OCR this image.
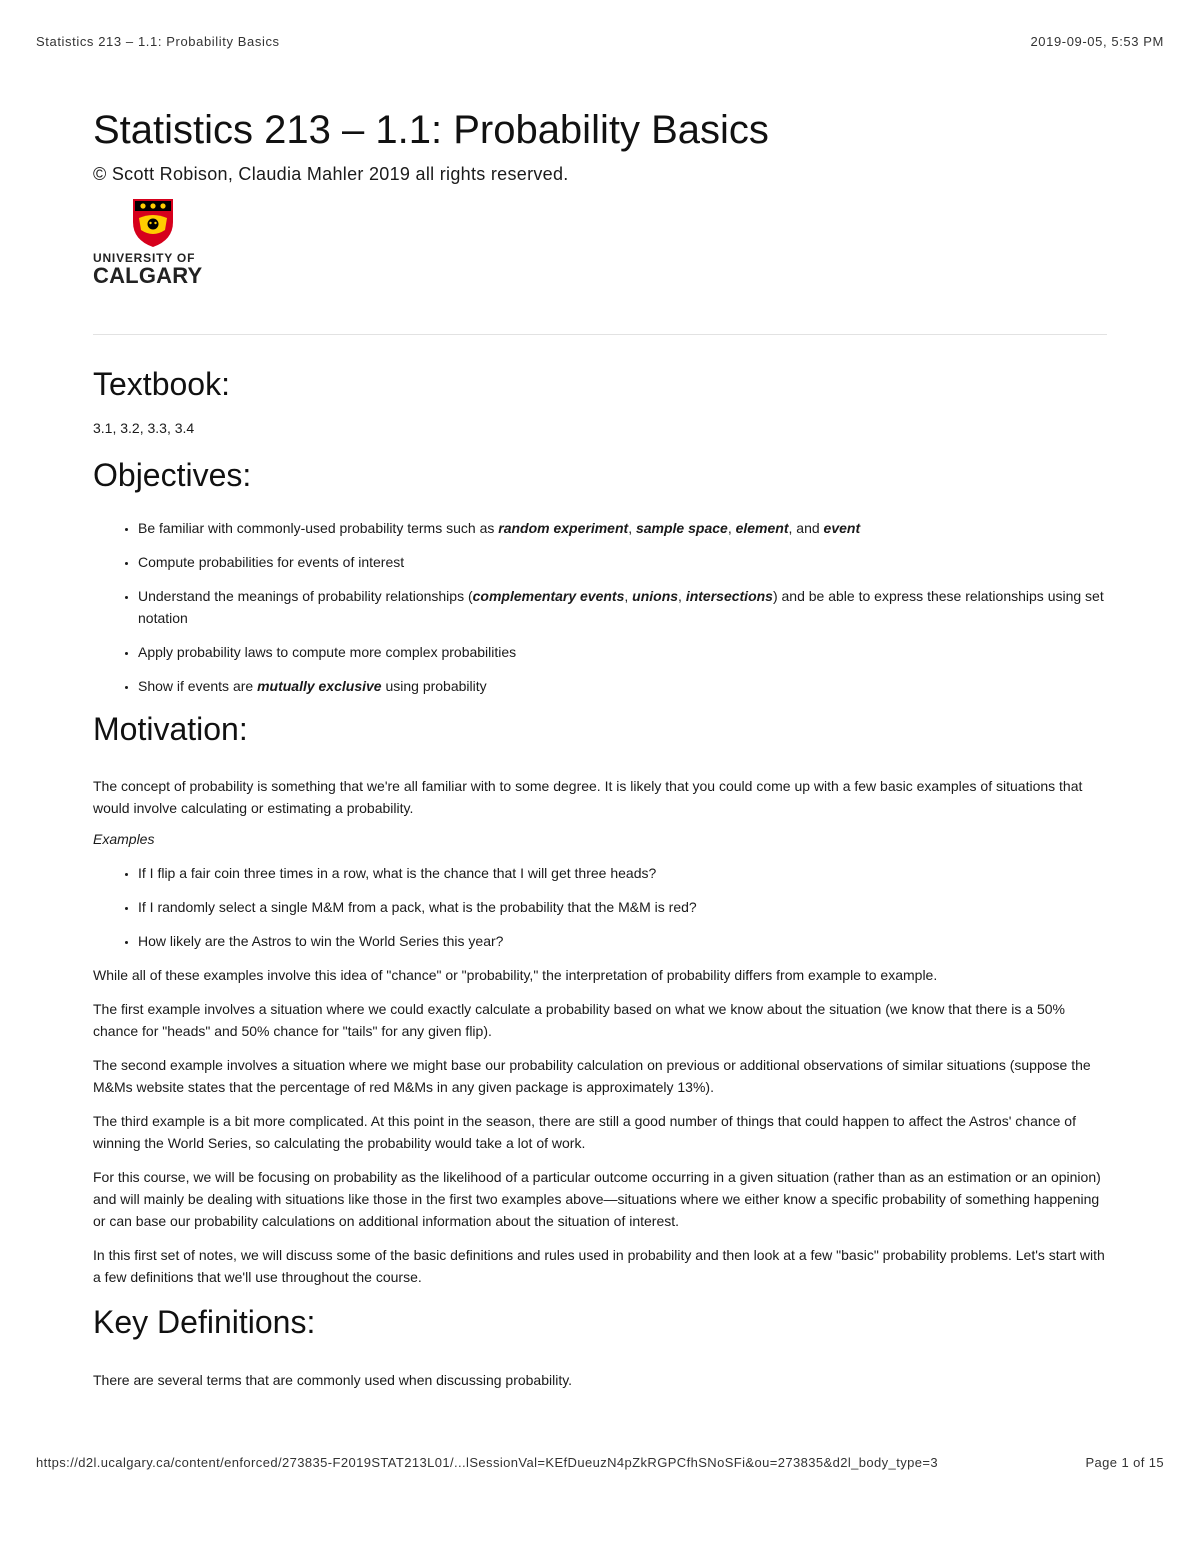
Statistics 213 – 1.1: Probability Basics	2019-09-05, 5:53 PM
Statistics 213 – 1.1: Probability Basics
© Scott Robison, Claudia Mahler 2019 all rights reserved.
UNIVERSITY OF
CALGARY
Textbook:

3.1, 3.2, 3.3, 3.4

Objectives:
• Be familiar with commonly-used probability terms such as random experiment, sample space, element, and event
• Compute probabilities for events of interest
• Understand the meanings of probability relationships (complementary events, unions, intersections) and be able to express these relationships using set notation
• Apply probability laws to compute more complex probabilities
• Show if events are mutually exclusive using probability
Motivation:

The concept of probability is something that we're all familiar with to some degree. It is likely that you could come up with a few basic examples of situations that would involve calculating or estimating a probability.

Examples

• If I flip a fair coin three times in a row, what is the chance that I will get three heads?
• If I randomly select a single M&M from a pack, what is the probability that the M&M is red?
• How likely are the Astros to win the World Series this year?

While all of these examples involve this idea of "chance" or "probability," the interpretation of probability differs from example to example.

The first example involves a situation where we could exactly calculate a probability based on what we know about the situation (we know that there is a 50% chance for "heads" and 50% chance for "tails" for any given flip).

The second example involves a situation where we might base our probability calculation on previous or additional observations of similar situations (suppose the M&Ms website states that the percentage of red M&Ms in any given package is approximately 13%).

The third example is a bit more complicated. At this point in the season, there are still a good number of things that could happen to affect the Astros' chance of winning the World Series, so calculating the probability would take a lot of work.

For this course, we will be focusing on probability as the likelihood of a particular outcome occurring in a given situation (rather than as an estimation or an opinion) and will mainly be dealing with situations like those in the first two examples above—situations where we either know a specific probability of something happening or can base our probability calculations on additional information about the situation of interest.

In this first set of notes, we will discuss some of the basic definitions and rules used in probability and then look at a few "basic" probability problems. Let's start with a few definitions that we'll use throughout the course.

Key Definitions:

There are several terms that are commonly used when discussing probability.

https://d2l.ucalgary.ca/content/enforced/273835-F2019STAT213L01/...lSessionVal=KEfDueuzN4pZkRGPCfhSNoSFi&ou=273835&d2l_body_type=3	Page 1 of 15
